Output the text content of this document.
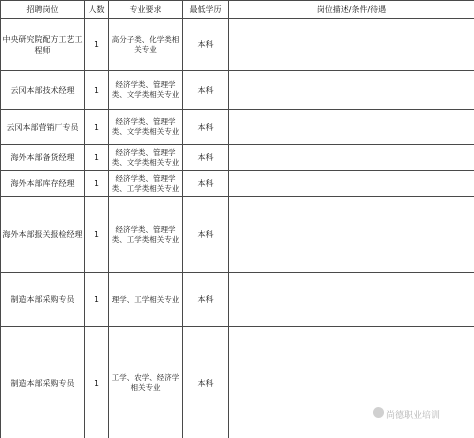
招聘岗位	人数	专业要求	最低学历	岗位描述/条件/待遇
中央研究院配方工艺工程师	1	高分子类、化学类相关专业	本科	

云冈本部技术经理	1	经济学类、管理学类、文学类相关专业	本科	

云冈本部营销厂专员	1	经济学类、管理学类、文学类相关专业	本科	

海外本部备货经理	1	经济学类、管理学类、文学类相关专业	本科	

海外本部库存经理	1	经济学类、管理学类、工学类相关专业	本科	

海外本部报关报检经理	1	经济学类、管理学类、工学类相关专业	本科	

制造本部采购专员	1	理学、工学相关专业	本科	

制造本部采购专员	1	工学、农学、经济学相关专业	本科	
尚德职业培训
